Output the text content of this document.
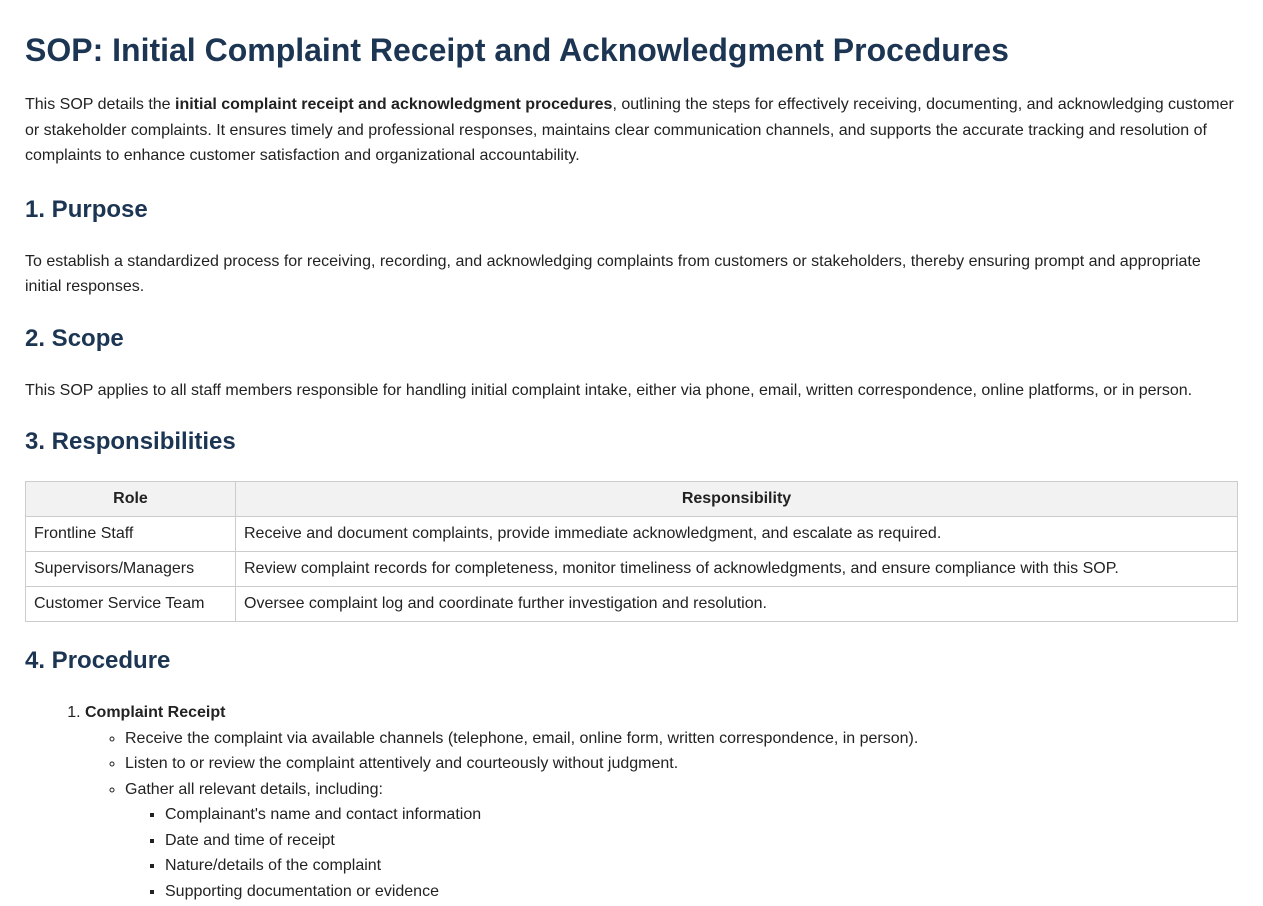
SOP: Initial Complaint Receipt and Acknowledgment Procedures

This SOP details the initial complaint receipt and acknowledgment procedures, outlining the steps for effectively receiving, documenting, and acknowledging customer or stakeholder complaints. It ensures timely and professional responses, maintains clear communication channels, and supports the accurate tracking and resolution of complaints to enhance customer satisfaction and organizational accountability.

1. Purpose

To establish a standardized process for receiving, recording, and acknowledging complaints from customers or stakeholders, thereby ensuring prompt and appropriate initial responses.

2. Scope

This SOP applies to all staff members responsible for handling initial complaint intake, either via phone, email, written correspondence, online platforms, or in person.

3. Responsibilities
Role	Responsibility
Frontline Staff	Receive and document complaints, provide immediate acknowledgment, and escalate as required.
Supervisors/Managers	Review complaint records for completeness, monitor timeliness of acknowledgments, and ensure compliance with this SOP.
Customer Service Team	Oversee complaint log and coordinate further investigation and resolution.
4. Procedure
1. Complaint Receipt
◦ Receive the complaint via available channels (telephone, email, online form, written correspondence, in person).
◦ Listen to or review the complaint attentively and courteously without judgment.
◦ Gather all relevant details, including:
▪ Complainant's name and contact information
▪ Date and time of receipt
▪ Nature/details of the complaint
▪ Supporting documentation or evidence
